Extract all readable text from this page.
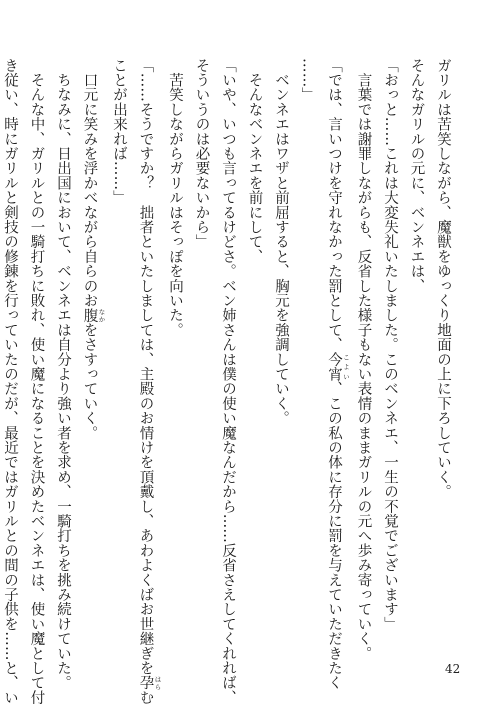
ガリルは苦笑しながら、魔獣をゆっくり地面の上に下ろしていく。
そんなガリルの元に、ベンネエは、
「おっと……これは大変失礼いたしました。このベンネエ、一生の不覚でございます」
　言葉では謝罪しながらも、反省した様子もない表情のままガリルの元へ歩み寄っていく。
「では、言いつけを守れなかった罰として、今宵 こよい、この私の体に存分に罰を与えていただきたく
……」
　ベンネエはワザと前屈すると、胸元を強調していく。
　そんなベンネエを前にして、
「いや、いつも言ってるけどさ。ベン姉さんは僕の使い魔なんだから……反省さえしてくれれば、
そういうのは必要ないから」
　苦笑しながらガリルはそっぽを向いた。
「……そうですか？　拙者といたしましては、主殿のお情けを頂戴し、あわよくばお世継ぎを孕 はらむ
ことが出来れば……」
　口元に笑みを浮かべながら自らのお腹 なかをさすっていく。
　ちなみに、日出国において、ベンネエは自分より強い者を求め、一騎打ちを挑み続けていた。
　そんな中、ガリルとの一騎打ちに敗れ、使い魔になることを決めたベンネエは、使い魔として付
き従い、時にガリルと剣技の修錬を行っていたのだが、最近ではガリルとの間の子供を……と、い	42
